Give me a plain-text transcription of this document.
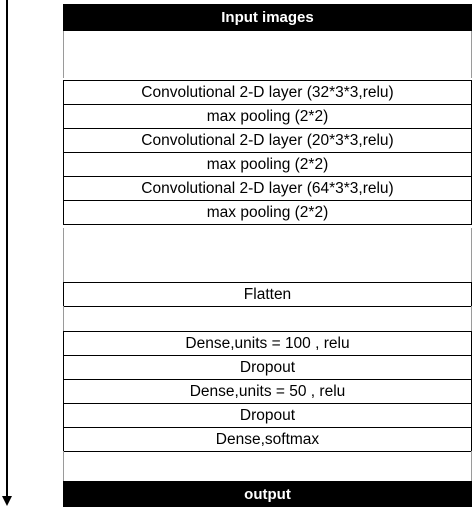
Input images
Convolutional 2-D layer (32*3*3,relu)
max pooling (2*2)
Convolutional 2-D layer (20*3*3,relu)
max pooling (2*2)
Convolutional 2-D layer (64*3*3,relu)
max pooling (2*2)
Flatten
Dense,units = 100 , relu
Dropout
Dense,units = 50 , relu
Dropout
Dense,softmax
output
